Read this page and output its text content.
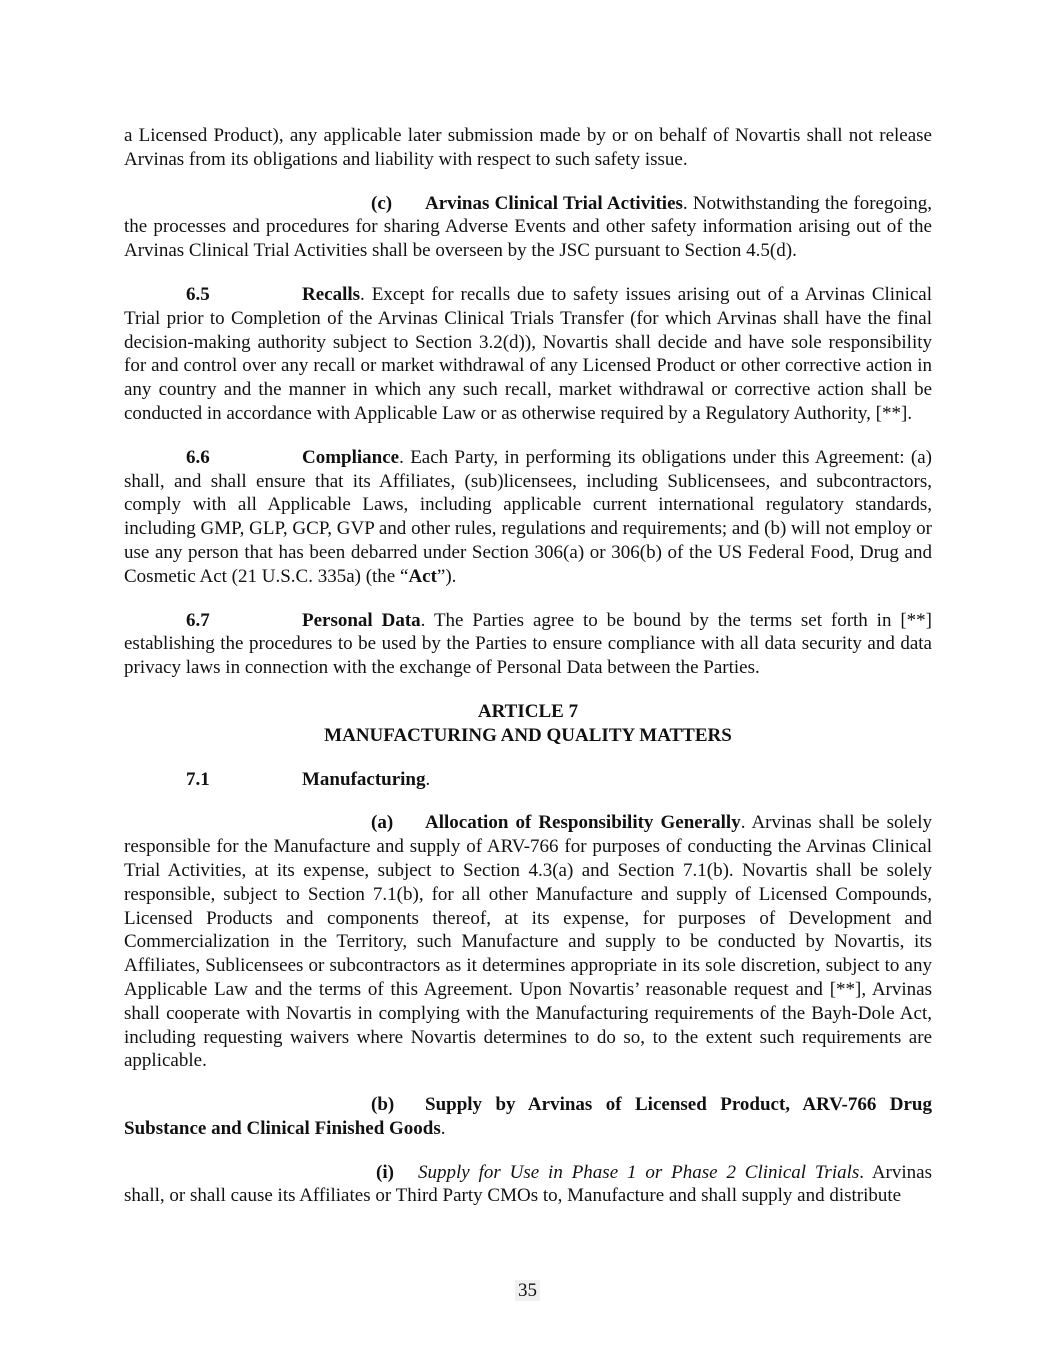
a Licensed Product), any applicable later submission made by or on behalf of Novartis shall not release Arvinas from its obligations and liability with respect to such safety issue.

(c) Arvinas Clinical Trial Activities. Notwithstanding the foregoing, the processes and procedures for sharing Adverse Events and other safety information arising out of the Arvinas Clinical Trial Activities shall be overseen by the JSC pursuant to Section 4.5(d).

6.5	Recalls. Except for recalls due to safety issues arising out of a Arvinas Clinical Trial prior to Completion of the Arvinas Clinical Trials Transfer (for which Arvinas shall have the final decision-making authority subject to Section 3.2(d)), Novartis shall decide and have sole responsibility for and control over any recall or market withdrawal of any Licensed Product or other corrective action in any country and the manner in which any such recall, market withdrawal or corrective action shall be conducted in accordance with Applicable Law or as otherwise required by a Regulatory Authority, [**].

6.6	Compliance. Each Party, in performing its obligations under this Agreement: (a) shall, and shall ensure that its Affiliates, (sub)licensees, including Sublicensees, and subcontractors, comply with all Applicable Laws, including applicable current international regulatory standards, including GMP, GLP, GCP, GVP and other rules, regulations and requirements; and (b) will not employ or use any person that has been debarred under Section 306(a) or 306(b) of the US Federal Food, Drug and Cosmetic Act (21 U.S.C. 335a) (the “Act”).

6.7	Personal Data. The Parties agree to be bound by the terms set forth in [**] establishing the procedures to be used by the Parties to ensure compliance with all data security and data privacy laws in connection with the exchange of Personal Data between the Parties.

ARTICLE 7

MANUFACTURING AND QUALITY MATTERS

7.1	Manufacturing.

(a) Allocation of Responsibility Generally. Arvinas shall be solely responsible for the Manufacture and supply of ARV-766 for purposes of conducting the Arvinas Clinical Trial Activities, at its expense, subject to Section 4.3(a) and Section 7.1(b). Novartis shall be solely responsible, subject to Section 7.1(b), for all other Manufacture and supply of Licensed Compounds, Licensed Products and components thereof, at its expense, for purposes of Development and Commercialization in the Territory, such Manufacture and supply to be conducted by Novartis, its Affiliates, Sublicensees or subcontractors as it determines appropriate in its sole discretion, subject to any Applicable Law and the terms of this Agreement. Upon Novartis’ reasonable request and [**], Arvinas shall cooperate with Novartis in complying with the Manufacturing requirements of the Bayh-Dole Act, including requesting waivers where Novartis determines to do so, to the extent such requirements are applicable.

(b) Supply by Arvinas of Licensed Product, ARV-766 Drug Substance and Clinical Finished Goods.

(i) Supply for Use in Phase 1 or Phase 2 Clinical Trials. Arvinas shall, or shall cause its Affiliates or Third Party CMOs to, Manufacture and shall supply and distribute

35
